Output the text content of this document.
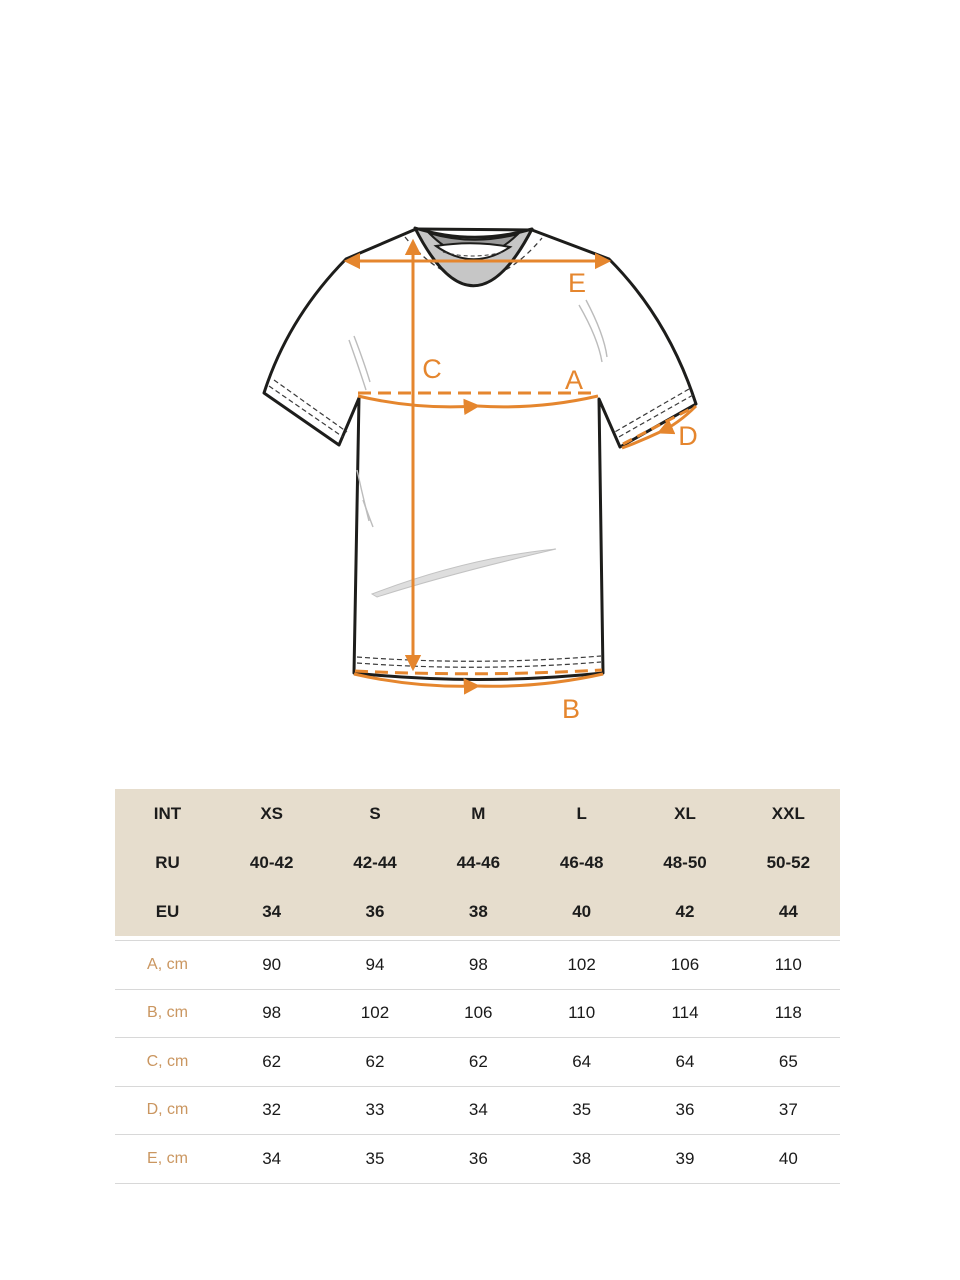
E
C	A
D
B
INT	XS	S	M	L	XL	XXL
RU	40-42	42-44	44-46	46-48	48-50	50-52
EU	34	36	38	40	42	44
A, cm	90	94	98	102	106	110
B, cm	98	102	106	110	114	118
C, cm	62	62	62	64	64	65
D, cm	32	33	34	35	36	37
E, cm	34	35	36	38	39	40
